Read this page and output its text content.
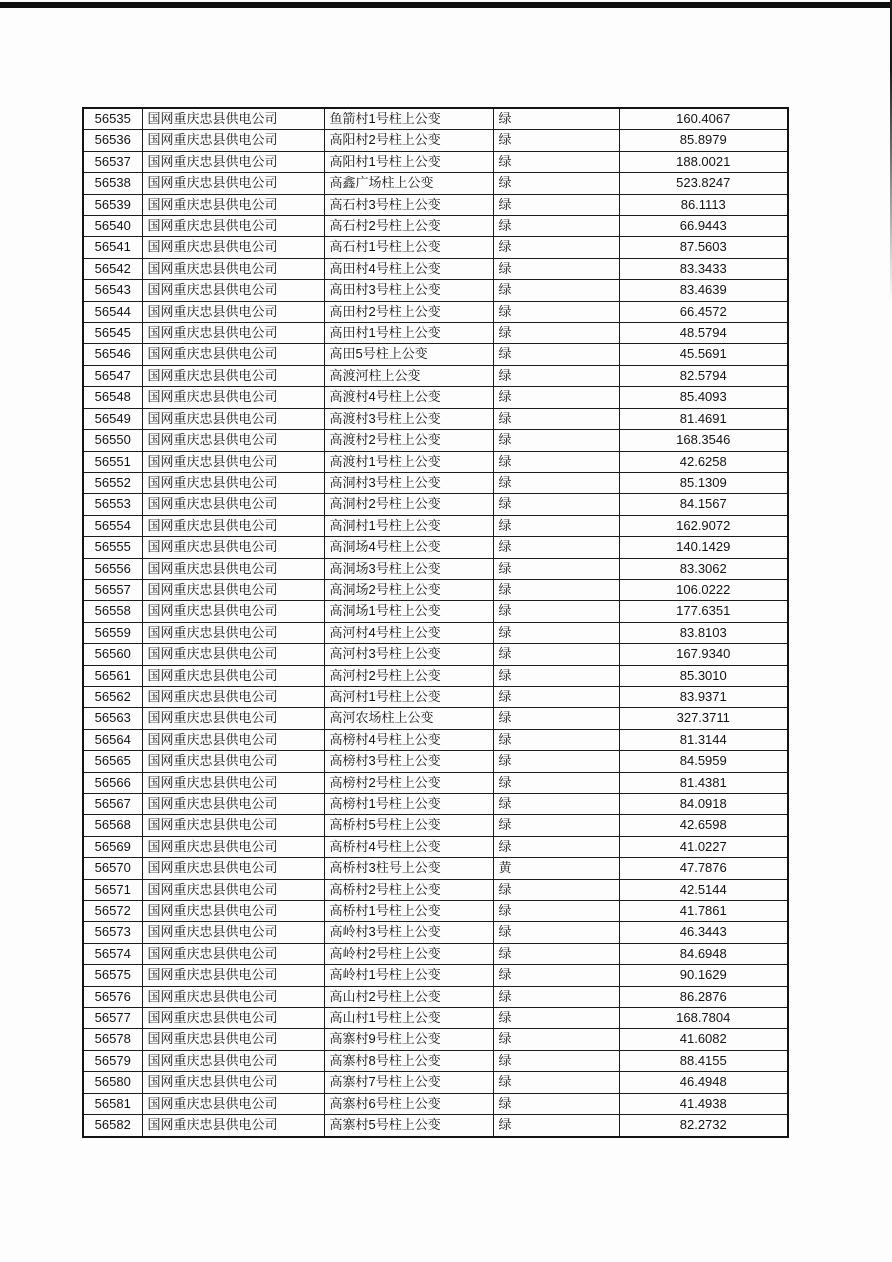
56535	国网重庆忠县供电公司	鱼箭村1号柱上公变	绿	160.4067
56536	国网重庆忠县供电公司	高阳村2号柱上公变	绿	85.8979
56537	国网重庆忠县供电公司	高阳村1号柱上公变	绿	188.0021
56538	国网重庆忠县供电公司	高鑫广场柱上公变	绿	523.8247
56539	国网重庆忠县供电公司	高石村3号柱上公变	绿	86.1113
56540	国网重庆忠县供电公司	高石村2号柱上公变	绿	66.9443
56541	国网重庆忠县供电公司	高石村1号柱上公变	绿	87.5603
56542	国网重庆忠县供电公司	高田村4号柱上公变	绿	83.3433
56543	国网重庆忠县供电公司	高田村3号柱上公变	绿	83.4639
56544	国网重庆忠县供电公司	高田村2号柱上公变	绿	66.4572
56545	国网重庆忠县供电公司	高田村1号柱上公变	绿	48.5794
56546	国网重庆忠县供电公司	高田5号柱上公变	绿	45.5691
56547	国网重庆忠县供电公司	高渡河柱上公变	绿	82.5794
56548	国网重庆忠县供电公司	高渡村4号柱上公变	绿	85.4093
56549	国网重庆忠县供电公司	高渡村3号柱上公变	绿	81.4691
56550	国网重庆忠县供电公司	高渡村2号柱上公变	绿	168.3546
56551	国网重庆忠县供电公司	高渡村1号柱上公变	绿	42.6258
56552	国网重庆忠县供电公司	高洞村3号柱上公变	绿	85.1309
56553	国网重庆忠县供电公司	高洞村2号柱上公变	绿	84.1567
56554	国网重庆忠县供电公司	高洞村1号柱上公变	绿	162.9072
56555	国网重庆忠县供电公司	高洞场4号柱上公变	绿	140.1429
56556	国网重庆忠县供电公司	高洞场3号柱上公变	绿	83.3062
56557	国网重庆忠县供电公司	高洞场2号柱上公变	绿	106.0222
56558	国网重庆忠县供电公司	高洞场1号柱上公变	绿	177.6351
56559	国网重庆忠县供电公司	高河村4号柱上公变	绿	83.8103
56560	国网重庆忠县供电公司	高河村3号柱上公变	绿	167.9340
56561	国网重庆忠县供电公司	高河村2号柱上公变	绿	85.3010
56562	国网重庆忠县供电公司	高河村1号柱上公变	绿	83.9371
56563	国网重庆忠县供电公司	高河农场柱上公变	绿	327.3711
56564	国网重庆忠县供电公司	高榜村4号柱上公变	绿	81.3144
56565	国网重庆忠县供电公司	高榜村3号柱上公变	绿	84.5959
56566	国网重庆忠县供电公司	高榜村2号柱上公变	绿	81.4381
56567	国网重庆忠县供电公司	高榜村1号柱上公变	绿	84.0918
56568	国网重庆忠县供电公司	高桥村5号柱上公变	绿	42.6598
56569	国网重庆忠县供电公司	高桥村4号柱上公变	绿	41.0227
56570	国网重庆忠县供电公司	高桥村3柱号上公变	黄	47.7876
56571	国网重庆忠县供电公司	高桥村2号柱上公变	绿	42.5144
56572	国网重庆忠县供电公司	高桥村1号柱上公变	绿	41.7861
56573	国网重庆忠县供电公司	高岭村3号柱上公变	绿	46.3443
56574	国网重庆忠县供电公司	高岭村2号柱上公变	绿	84.6948
56575	国网重庆忠县供电公司	高岭村1号柱上公变	绿	90.1629
56576	国网重庆忠县供电公司	高山村2号柱上公变	绿	86.2876
56577	国网重庆忠县供电公司	高山村1号柱上公变	绿	168.7804
56578	国网重庆忠县供电公司	高寨村9号柱上公变	绿	41.6082
56579	国网重庆忠县供电公司	高寨村8号柱上公变	绿	88.4155
56580	国网重庆忠县供电公司	高寨村7号柱上公变	绿	46.4948
56581	国网重庆忠县供电公司	高寨村6号柱上公变	绿	41.4938
56582	国网重庆忠县供电公司	高寨村5号柱上公变	绿	82.2732
